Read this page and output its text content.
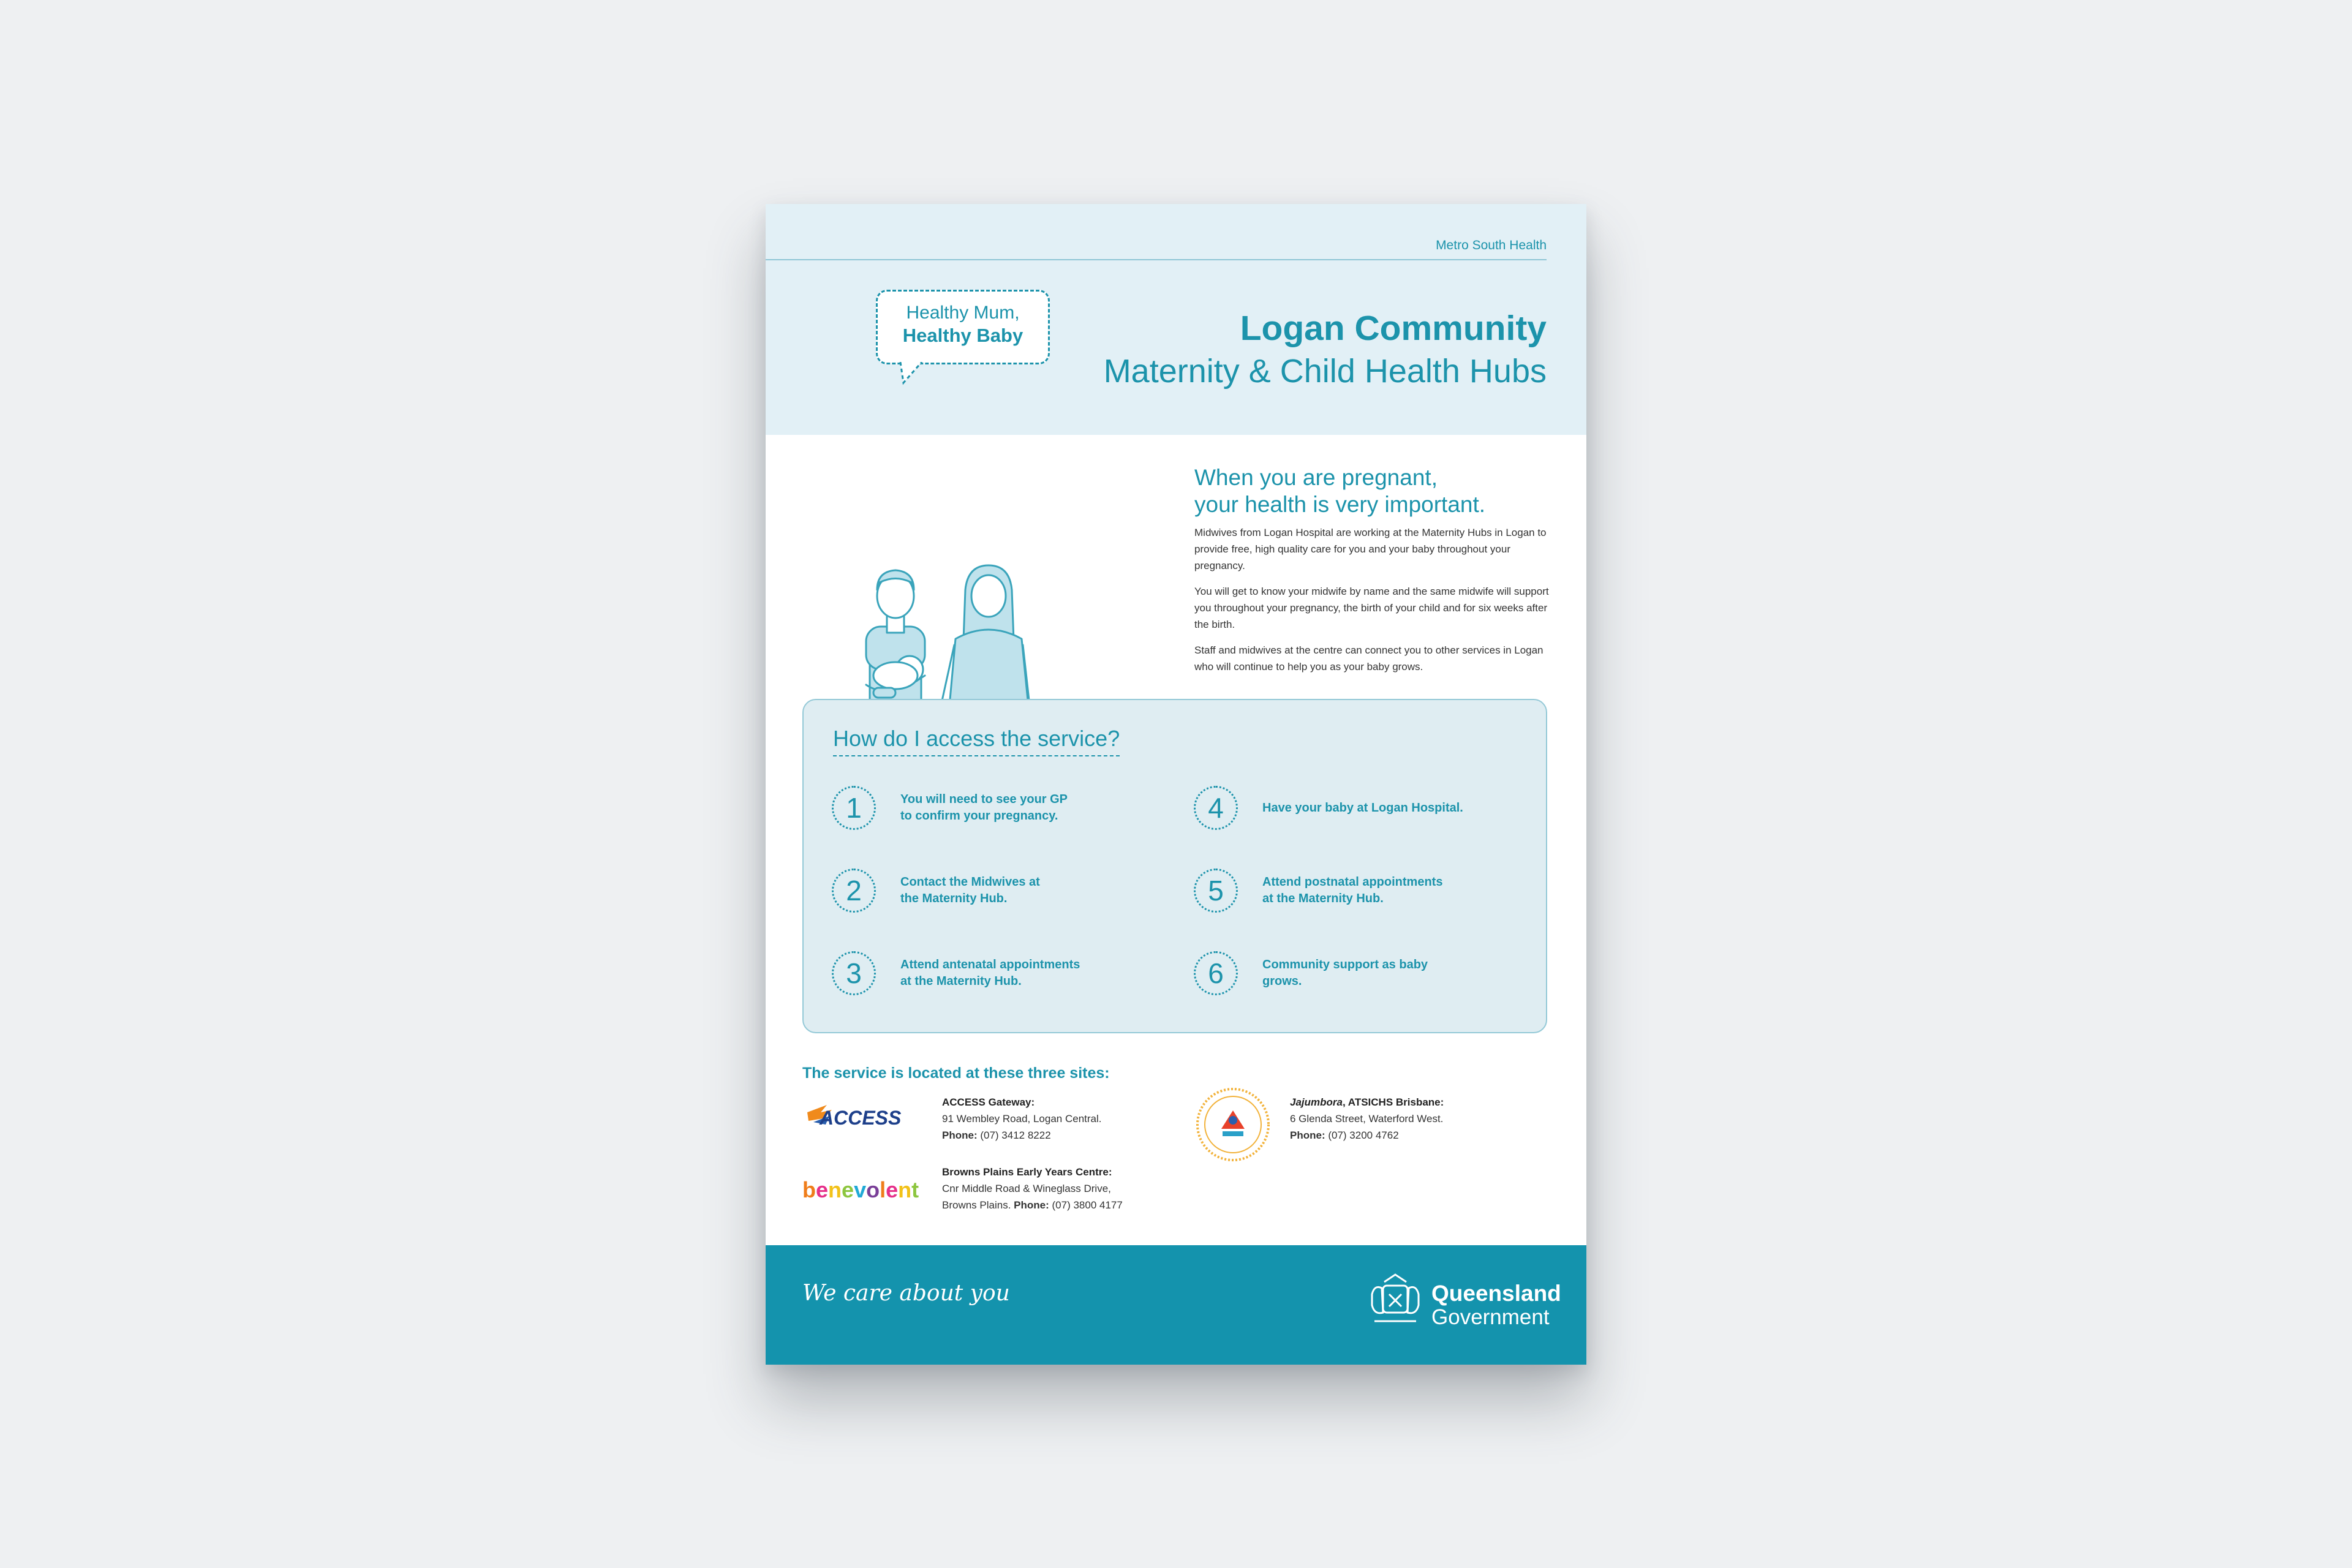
Metro South Health
Logan Community
Maternity & Child Health Hubs
Healthy Mum,
Healthy Baby
When you are pregnant,
your health is very important.

Midwives from Logan Hospital are working at the Maternity Hubs in Logan to provide free, high quality care for you and your baby throughout your pregnancy.

You will get to know your midwife by name and the same midwife will support you throughout your pregnancy, the birth of your child and for six weeks after the birth.

Staff and midwives at the centre can connect you to other services in Logan who will continue to help you as your baby grows.

How do I access the service?
1	You will need to see your GP
to confirm your pregnancy.
2	Contact the Midwives at
the Maternity Hub.
3	Attend antenatal appointments
at the Maternity Hub.
4	Have your baby at Logan Hospital.
5	Attend postnatal appointments
at the Maternity Hub.
6	Community support as baby grows.
The service is located at these three sites:
ACCESS
ACCESS Gateway:
91 Wembley Road, Logan Central.
Phone: (07) 3412 8222
benevolent
Browns Plains Early Years Centre:
Cnr Middle Road & Wineglass Drive,
Browns Plains. Phone: (07) 3800 4177
Jajumbora, ATSICHS Brisbane:
6 Glenda Street, Waterford West.
Phone: (07) 3200 4762
We care about you	Queensland
Government
